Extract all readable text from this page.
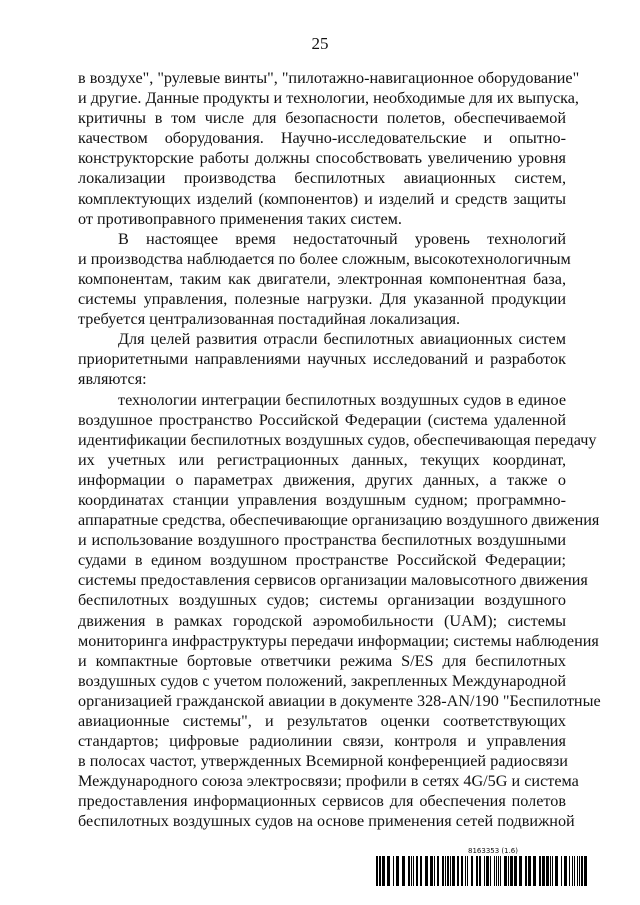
25
в воздухе", "рулевые винты", "пилотажно-навигационное оборудование"
и другие. Данные продукты и технологии, необходимые для их выпуска,
критичны в том числе для безопасности полетов, обеспечиваемой
качеством оборудования. Научно-исследовательские и опытно-
конструкторские работы должны способствовать увеличению уровня
локализации производства беспилотных авиационных систем,
комплектующих изделий (компонентов) и изделий и средств защиты
от противоправного применения таких систем.
В настоящее время недостаточный уровень технологий
и производства наблюдается по более сложным, высокотехнологичным
компонентам, таким как двигатели, электронная компонентная база,
системы управления, полезные нагрузки. Для указанной продукции
требуется централизованная постадийная локализация.
Для целей развития отрасли беспилотных авиационных систем
приоритетными направлениями научных исследований и разработок
являются:
технологии интеграции беспилотных воздушных судов в единое
воздушное пространство Российской Федерации (система удаленной
идентификации беспилотных воздушных судов, обеспечивающая передачу
их учетных или регистрационных данных, текущих координат,
информации о параметрах движения, других данных, а также о
координатах станции управления воздушным судном; программно-
аппаратные средства, обеспечивающие организацию воздушного движения
и использование воздушного пространства беспилотных воздушными
судами в едином воздушном пространстве Российской Федерации;
системы предоставления сервисов организации маловысотного движения
беспилотных воздушных судов; системы организации воздушного
движения в рамках городской аэромобильности (UAM); системы
мониторинга инфраструктуры передачи информации; системы наблюдения
и компактные бортовые ответчики режима S/ES для беспилотных
воздушных судов с учетом положений, закрепленных Международной
организацией гражданской авиации в документе 328-AN/190 "Беспилотные
авиационные системы", и результатов оценки соответствующих
стандартов; цифровые радиолинии связи, контроля и управления
в полосах частот, утвержденных Всемирной конференцией радиосвязи
Международного союза электросвязи; профили в сетях 4G/5G и система
предоставления информационных сервисов для обеспечения полетов
беспилотных воздушных судов на основе применения сетей подвижной
8163353 (1.6)
